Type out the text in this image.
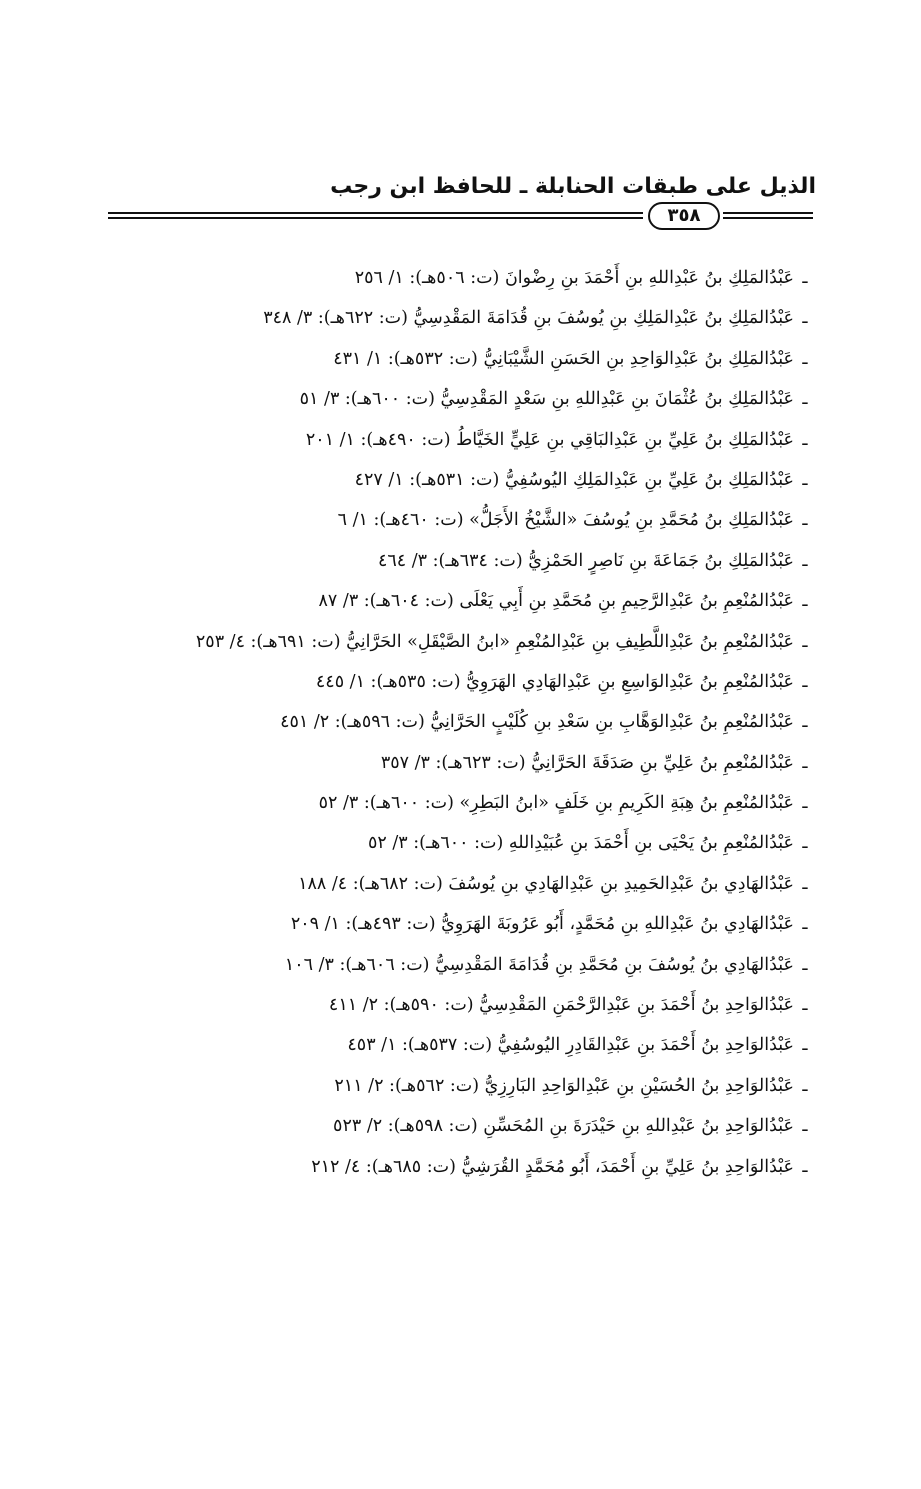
الذيل على طبقات الحنابلة ـ للحافظ ابن رجب
٣٥٨
ـعَبْدُالمَلِكِ بنُ عَبْدِاللهِ بنِ أَحْمَدَ بنِ رِضْوانَ (ت: ٥٠٦هـ): ١/ ٢٥٦
ـعَبْدُالمَلِكِ بنُ عَبْدِالمَلِكِ بنِ يُوسُفَ بنِ قُدَامَةَ المَقْدِسِيُّ (ت: ٦٢٢هـ): ٣/ ٣٤٨
ـعَبْدُالمَلِكِ بنُ عَبْدِالوَاحِدِ بنِ الحَسَنِ الشَّيْبَانِيُّ (ت: ٥٣٢هـ): ١/ ٤٣١
ـعَبْدُالمَلِكِ بنُ عُثْمَانَ بنِ عَبْدِاللهِ بنِ سَعْدٍ المَقْدِسِيُّ (ت: ٦٠٠هـ): ٣/ ٥١
ـعَبْدُالمَلِكِ بنُ عَلِيِّ بنِ عَبْدِالبَاقِي بنِ عَلِيٍّ الخَيَّاطُ (ت: ٤٩٠هـ): ١/ ٢٠١
ـعَبْدُالمَلِكِ بنُ عَلِيِّ بنِ عَبْدِالمَلِكِ اليُوسُفِيُّ (ت: ٥٣١هـ): ١/ ٤٢٧
ـعَبْدُالمَلِكِ بنُ مُحَمَّدِ بنِ يُوسُفَ «الشَّيْخُ الأَجَلُّ» (ت: ٤٦٠هـ): ١/ ٦
ـعَبْدُالمَلِكِ بنُ جَمَاعَةَ بنِ نَاصِرٍ الحَمْزِيُّ (ت: ٦٣٤هـ): ٣/ ٤٦٤
ـعَبْدُالمُنْعِمِ بنُ عَبْدِالرَّحِيمِ بنِ مُحَمَّدِ بنِ أَبِي يَعْلَى (ت: ٦٠٤هـ): ٣/ ٨٧
ـعَبْدُالمُنْعِمِ بنُ عَبْدِاللَّطِيفِ بنِ عَبْدِالمُنْعِمِ «ابنُ الصَّيْقَلِ» الحَرَّانِيُّ (ت: ٦٩١هـ): ٤/ ٢٥٣
ـعَبْدُالمُنْعِمِ بنُ عَبْدِالوَاسِعِ بنِ عَبْدِالهَادِي الهَرَوِيُّ (ت: ٥٣٥هـ): ١/ ٤٤٥
ـعَبْدُالمُنْعِمِ بنُ عَبْدِالوَهَّابِ بنِ سَعْدِ بنِ كُلَيْبٍ الحَرَّانِيُّ (ت: ٥٩٦هـ): ٢/ ٤٥١
ـعَبْدُالمُنْعِمِ بنُ عَلِيِّ بنِ صَدَقَةَ الحَرَّانِيُّ (ت: ٦٢٣هـ): ٣/ ٣٥٧
ـعَبْدُالمُنْعِمِ بنُ هِبَةِ الكَرِيمِ بنِ خَلَفٍ «ابنُ البَطِرِ» (ت: ٦٠٠هـ): ٣/ ٥٢
ـعَبْدُالمُنْعِمِ بنُ يَحْيَى بنِ أَحْمَدَ بنِ عُبَيْدِاللهِ (ت: ٦٠٠هـ): ٣/ ٥٢
ـعَبْدُالهَادِي بنُ عَبْدِالحَمِيدِ بنِ عَبْدِالهَادِي بنِ يُوسُفَ (ت: ٦٨٢هـ): ٤/ ١٨٨
ـعَبْدُالهَادِي بنُ عَبْدِاللهِ بنِ مُحَمَّدٍ، أَبُو عَرُوبَةَ الهَرَوِيُّ (ت: ٤٩٣هـ): ١/ ٢٠٩
ـعَبْدُالهَادِي بنُ يُوسُفَ بنِ مُحَمَّدِ بنِ قُدَامَةَ المَقْدِسِيُّ (ت: ٦٠٦هـ): ٣/ ١٠٦
ـعَبْدُالوَاحِدِ بنُ أَحْمَدَ بنِ عَبْدِالرَّحْمَنِ المَقْدِسِيُّ (ت: ٥٩٠هـ): ٢/ ٤١١
ـعَبْدُالوَاحِدِ بنُ أَحْمَدَ بنِ عَبْدِالقَادِرِ اليُوسُفِيُّ (ت: ٥٣٧هـ): ١/ ٤٥٣
ـعَبْدُالوَاحِدِ بنُ الحُسَيْنِ بنِ عَبْدِالوَاحِدِ البَارِزِيُّ (ت: ٥٦٢هـ): ٢/ ٢١١
ـعَبْدُالوَاحِدِ بنُ عَبْدِاللهِ بنِ حَيْدَرَةَ بنِ المُحَسِّنِ (ت: ٥٩٨هـ): ٢/ ٥٢٣
ـعَبْدُالوَاحِدِ بنُ عَلِيِّ بنِ أَحْمَدَ، أَبُو مُحَمَّدٍ القُرَشِيُّ (ت: ٦٨٥هـ): ٤/ ٢١٢
